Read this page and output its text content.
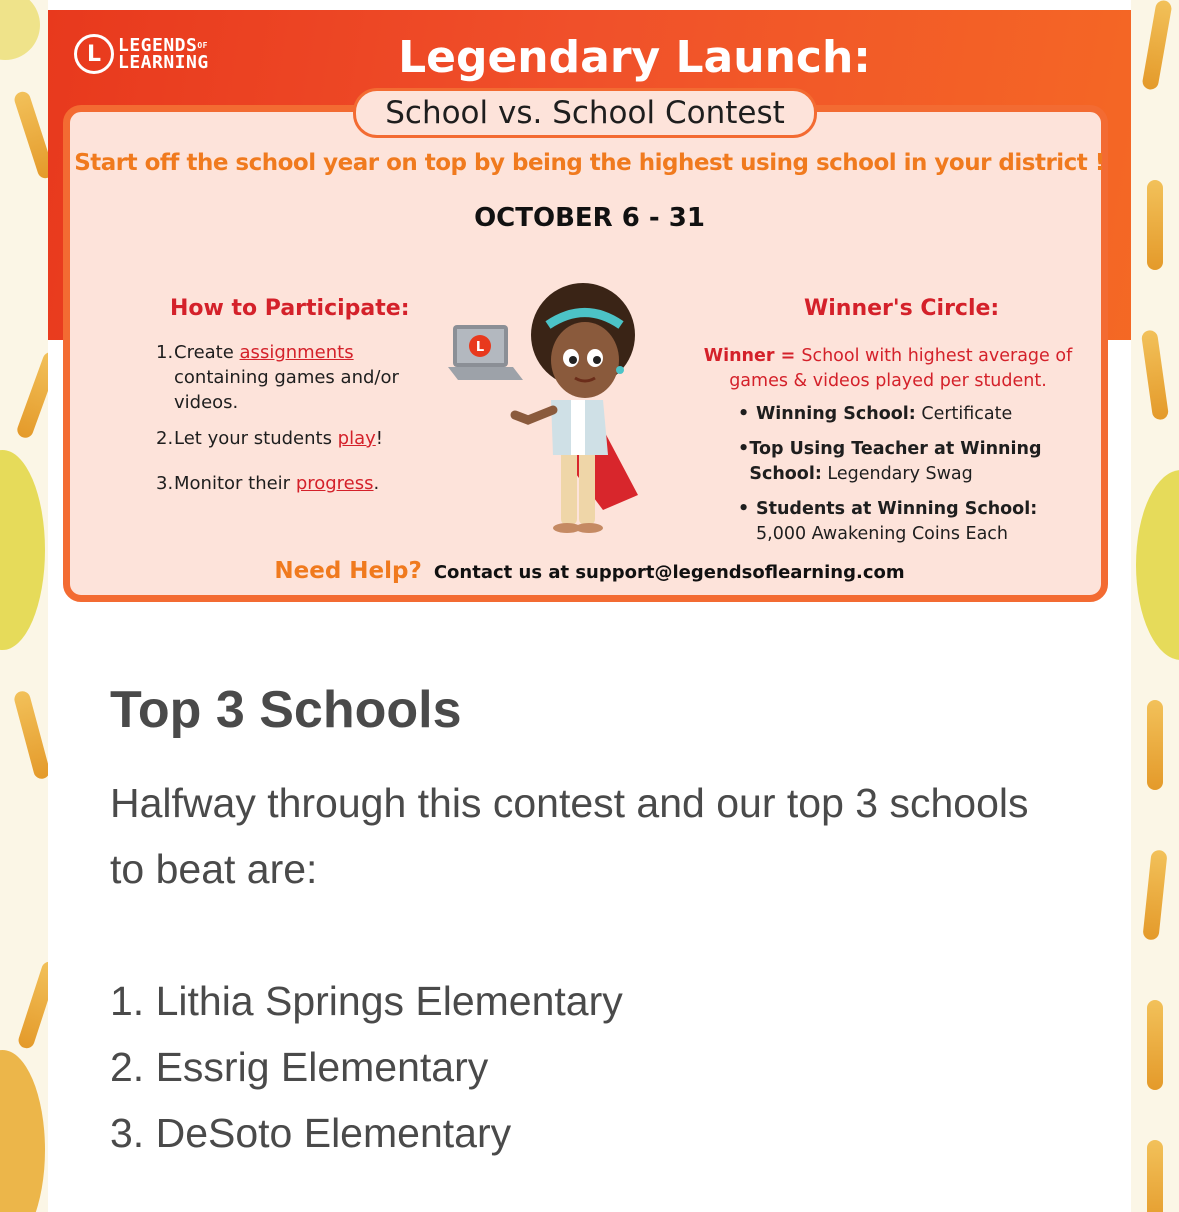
L $LEGENDS^{OF}$
LEARNING	Legendary Launch:
School vs. School Contest
Start off the school year on top by being the highest using school in your district !
OCTOBER 6 - 31
How to Participate:
1. Create assignments containing games and/or videos.
2. Let your students play!
3. Monitor their progress.
L
Winner's Circle:
Winner = School with highest average of games & videos played per student.
• Winning School: Certificate
• Top Using Teacher at Winning School: Legendary Swag
• Students at Winning School:
5,000 Awakening Coins Each
Need Help? Contact us at support@legendsoflearning.com
Top 3 Schools

Halfway through this contest and our top 3 schools to beat are:

1. Lithia Springs Elementary
2. Essrig Elementary
3. DeSoto Elementary
